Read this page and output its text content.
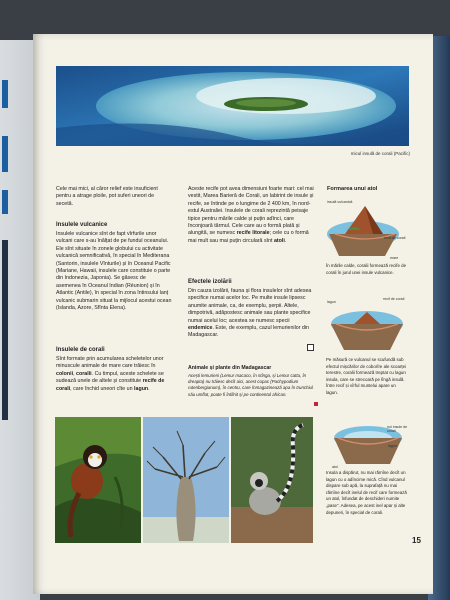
micul insulă de corali (Pacific)
Cele mai mici, al căror relief este insuficient pentru a atrage ploile, pot suferi uneori de secetă.
Insulele vulcanice
Insulele vulcanice sînt de fapt vîrfurile unor vulcani care s-au înălțat de pe fundul oceanului. Ele sînt situate în zonele globului cu activitate vulcanică semnificativă, în special în Mediterana (Santorin, insulele Vînturile) și în Oceanul Pacific (Mariane, Hawaii, insulele care constituie o parte din Indonezia, Japonia). Se găsesc de asemenea în Oceanul Indian (Réunion) și în Atlantic (Antile), în special în zona întinsului lanț vulcanic submarin situat la mijlocul acestui ocean (Islanda, Azore, Sfînta Elena).
Insulele de corali
Sînt formate prin acumularea scheletelor unor minuscule animale de mare care trăiesc în colonii, coralii. Cu timpul, aceste schelete se sudează unele de altele și constituie recife de corali, care închid uneori cîte un lagun.
Aceste recife pot avea dimensiuni foarte mari: cel mai vestit, Marea Barieră de Corali, un labirint de insule și recife, se întinde pe o lungime de 2 400 km, în nord-estul Australiei. Insulele de corali reprezintă peisaje tipice pentru mările calde și puțin adînci, care înconjoară tărmul. Cele care au o formă plată și alungită, se numesc recife litorale; cele cu o formă mai mult sau mai puțin circulară sînt atoli.
Efectele izolării
Din cauza izolării, fauna și flora insulelor sînt adesea specifice numai acelor loc. Pe multe insule lipsesc anumite animale, ca, de exemplu, șerpii. Altele, dimpotrivă, adăpostesc animale sau plante specifice numai acelui loc; acestea se numesc specii endemice. Este, de exemplu, cazul lemurienilor din Madagascar.
Animale și plante din Madagascar
Acești lemurieni (Lemur macaco, în stînga, și Lemur catta, în dreapta) nu trăiesc decît aici, acest copac (Pachypodium rutenbergianum), în centru, care înmagazinează apa în trunchiul său umflat, poate fi întîlnit și pe continentul african.
Formarea unui atol
insulă vulcanică
recif de corali
mare
În mările calde, coralii formează recife de corali în jurul unei insule vulcanice.
lagun
recif de corali
Pe măsură ce vulcanul se scufundă sub efectul mișcărilor de coborîre ale scoarței terestre, coralii formează treptat cu lagun insula, care se strecoară pe lîngă insulă. Între recif și vîrful muntelui apare un lagun.
noi insule de corali
lagun
atol
Insula a dispărut, nu mai rămîne decît un lagun cu o adîncime mică. Cînd vulcanul dispare sub apă, la suprafață nu mai rămîne decît inelul de recif care formează un atol, înfundat de deschideri numite „pase”. Adesea, pe acest inel apar și alte depuneri, în special de corali.
15
